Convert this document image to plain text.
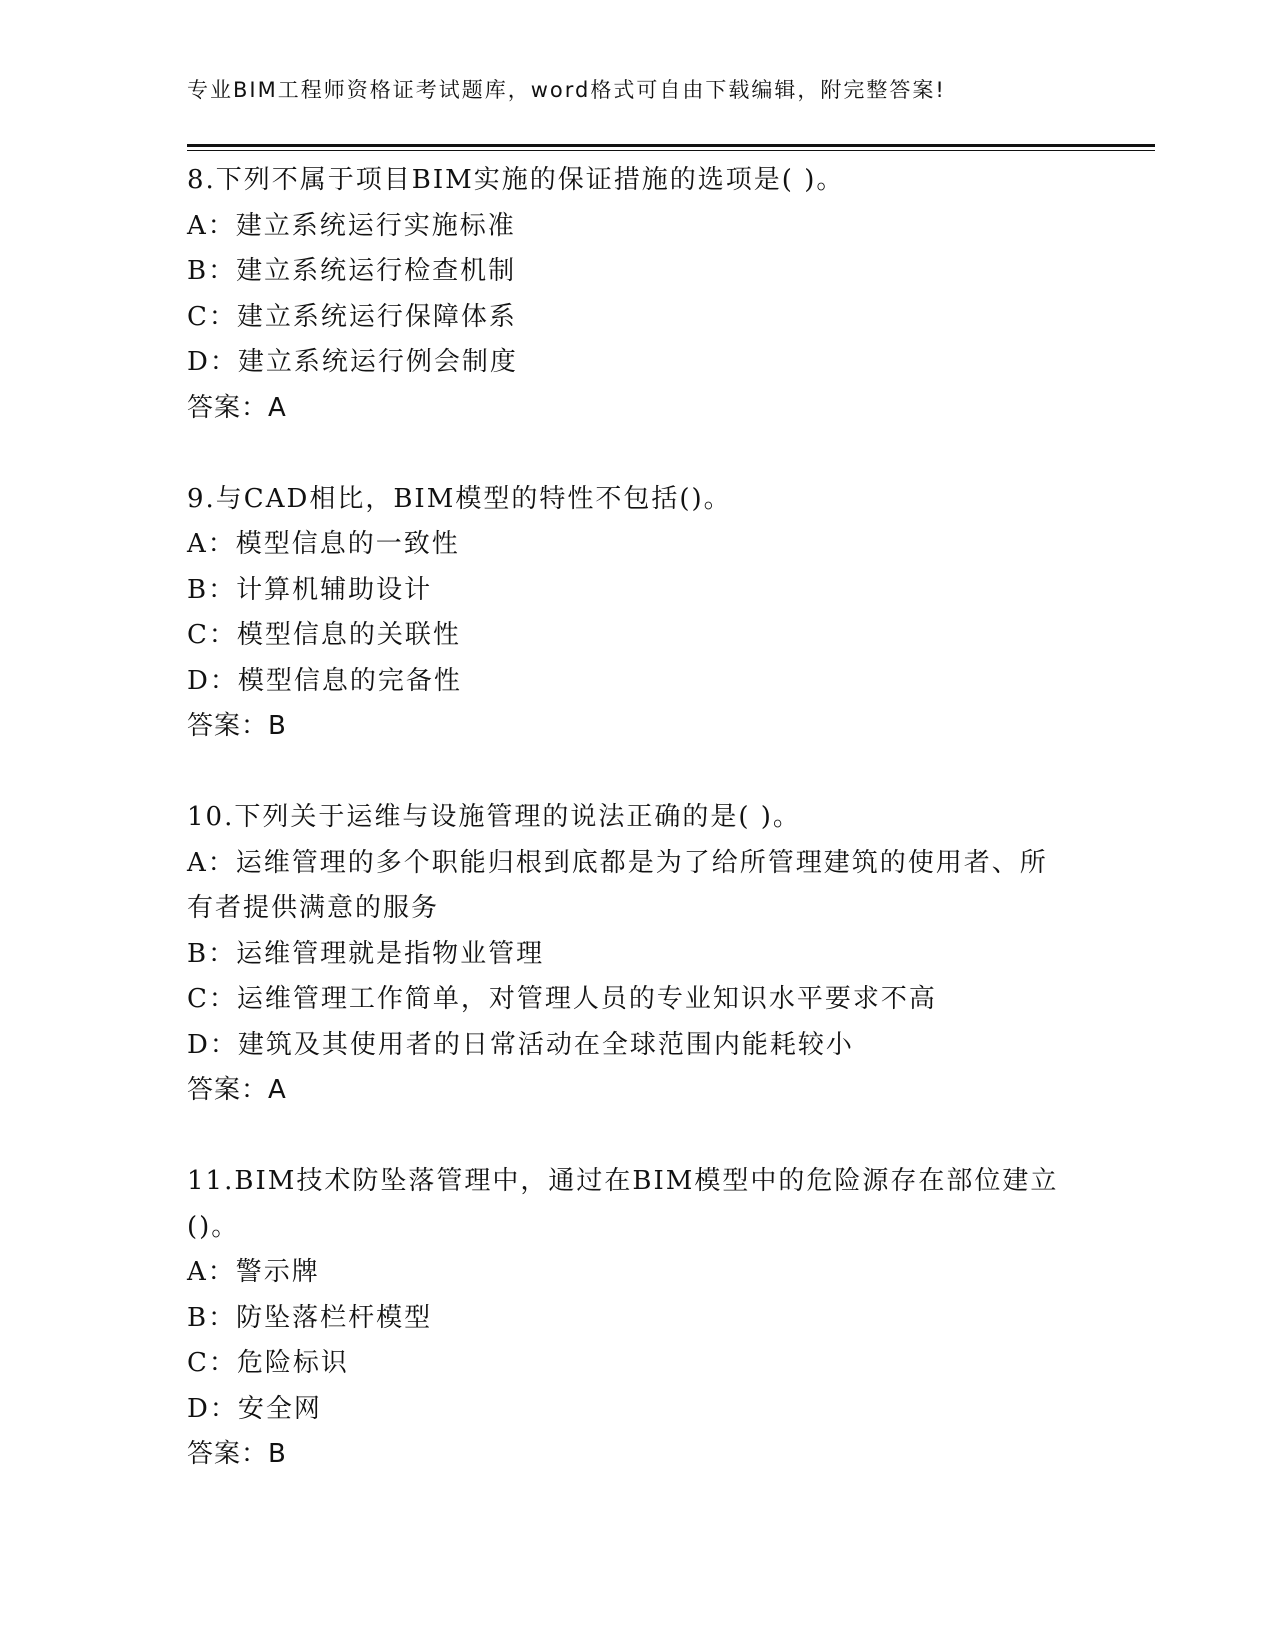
专业BIM工程师资格证考试题库，word格式可自由下载编辑，附完整答案!
8.下列不属于项目BIM实施的保证措施的选项是( )。
A：建立系统运行实施标准
B：建立系统运行检查机制
C：建立系统运行保障体系
D：建立系统运行例会制度
答案：A
9.与CAD相比，BIM模型的特性不包括()。
A：模型信息的一致性
B：计算机辅助设计
C：模型信息的关联性
D：模型信息的完备性
答案：B
10.下列关于运维与设施管理的说法正确的是( )。
A：运维管理的多个职能归根到底都是为了给所管理建筑的使用者、所
有者提供满意的服务
B：运维管理就是指物业管理
C：运维管理工作简单，对管理人员的专业知识水平要求不高
D：建筑及其使用者的日常活动在全球范围内能耗较小
答案：A
11.BIM技术防坠落管理中，通过在BIM模型中的危险源存在部位建立
()。
A：警示牌
B：防坠落栏杆模型
C：危险标识
D：安全网
答案：B
